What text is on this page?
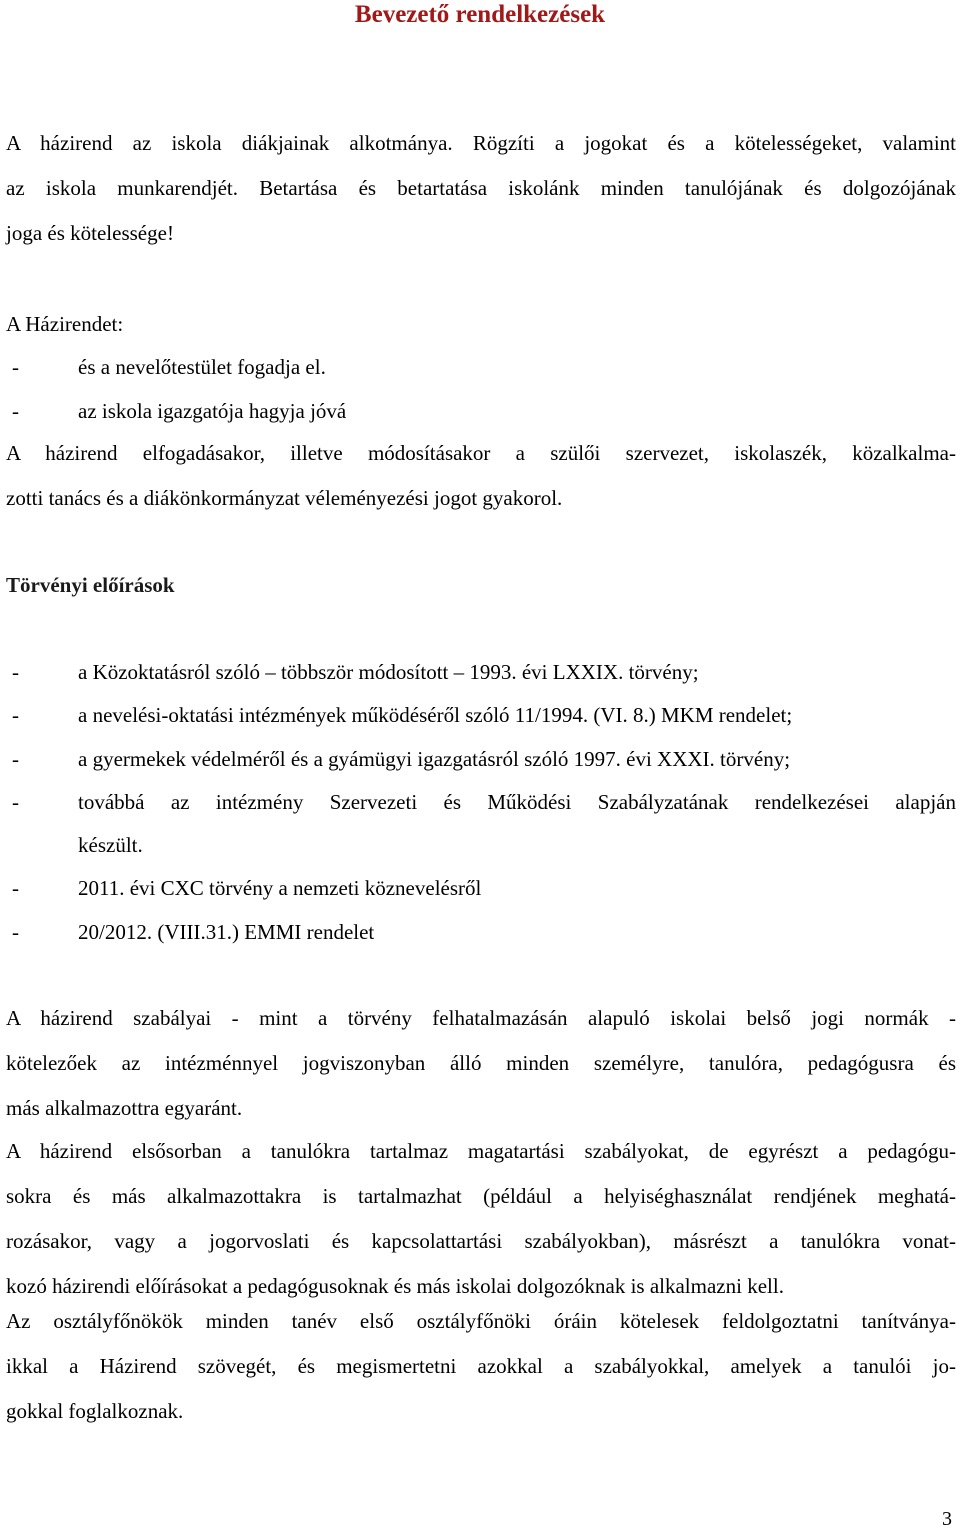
Bevezető rendelkezések
A házirend az iskola diákjainak alkotmánya. Rögzíti a jogokat és a kötelességeket, valamint
az iskola munkarendjét. Betartása és betartatása iskolánk minden tanulójának és dolgozójának
joga és kötelessége!
A Házirendet:
-	és a nevelőtestület fogadja el.
-	az iskola igazgatója hagyja jóvá
A házirend elfogadásakor, illetve módosításakor a szülői szervezet, iskolaszék, közalkalma-
zotti tanács és a diákönkormányzat véleményezési jogot gyakorol.
Törvényi előírások
-	a Közoktatásról szóló – többször módosított – 1993. évi LXXIX. törvény;
-	a nevelési-oktatási intézmények működéséről szóló 11/1994. (VI. 8.) MKM rendelet;
-	a gyermekek védelméről és a gyámügyi igazgatásról szóló 1997. évi XXXI. törvény;
-	továbbá az intézmény Szervezeti és Működési Szabályzatának rendelkezései alapján
készült.
-	2011. évi CXC törvény a nemzeti köznevelésről
-	20/2012. (VIII.31.) EMMI rendelet
A házirend szabályai - mint a törvény felhatalmazásán alapuló iskolai belső jogi normák -
kötelezőek az intézménnyel jogviszonyban álló minden személyre, tanulóra, pedagógusra és
más alkalmazottra egyaránt.
A házirend elsősorban a tanulókra tartalmaz magatartási szabályokat, de egyrészt a pedagógu-
sokra és más alkalmazottakra is tartalmazhat (például a helyiséghasználat rendjének meghatá-
rozásakor, vagy a jogorvoslati és kapcsolattartási szabályokban), másrészt a tanulókra vonat-
kozó házirendi előírásokat a pedagógusoknak és más iskolai dolgozóknak is alkalmazni kell.
Az osztályfőnökök minden tanév első osztályfőnöki óráin kötelesek feldolgoztatni tanítványa-
ikkal a Házirend szövegét, és megismertetni azokkal a szabályokkal, amelyek a tanulói jo-
gokkal foglalkoznak.
3
